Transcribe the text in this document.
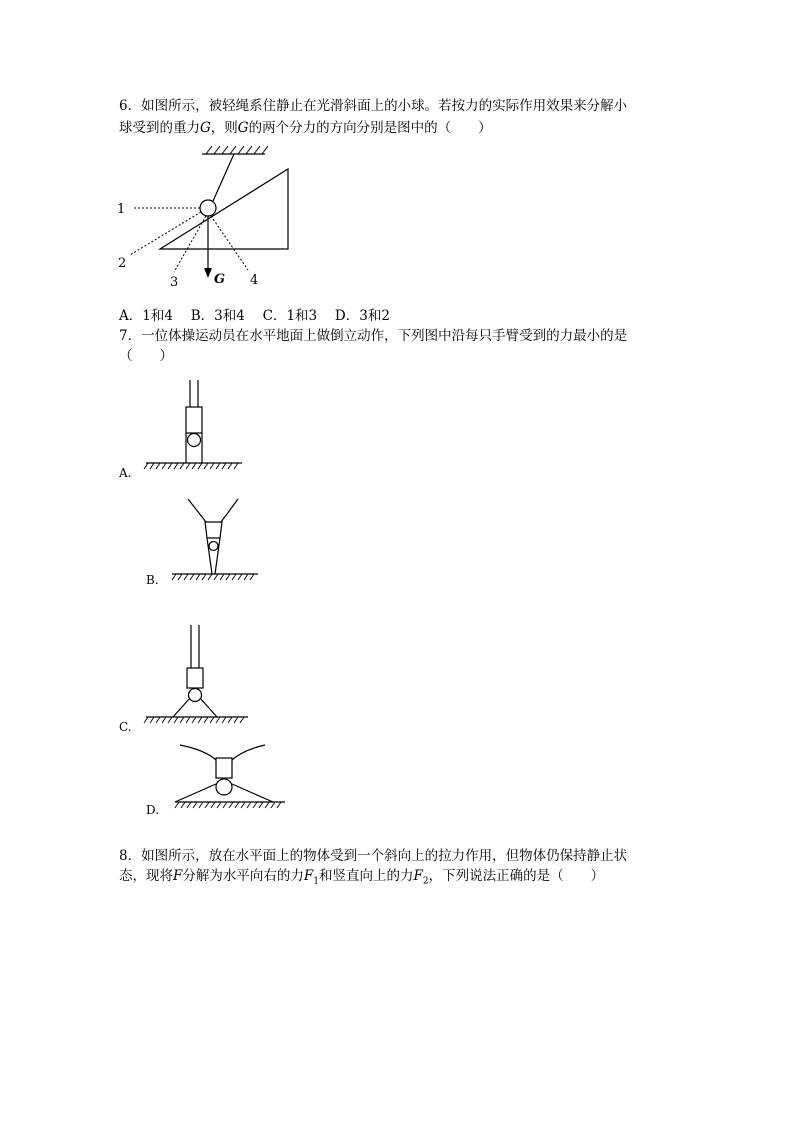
6．如图所示，被轻绳系住静止在光滑斜面上的小球。若按力的实际作用效果来分解小
球受到的重力G，则G的两个分力的方向分别是图中的（　　）
1
2
3	4
G
A．1和4　 B．3和4　 C．1和3　 D．3和2
7．一位体操运动员在水平地面上做倒立动作，下列图中沿每只手臂受到的力最小的是
（　　）
A.
B.
C.
D.
8．如图所示，放在水平面上的物体受到一个斜向上的拉力作用，但物体仍保持静止状
态，现将F分解为水平向右的力$F_1$和竖直向上的力$F_2$，下列说法正确的是（　　）
